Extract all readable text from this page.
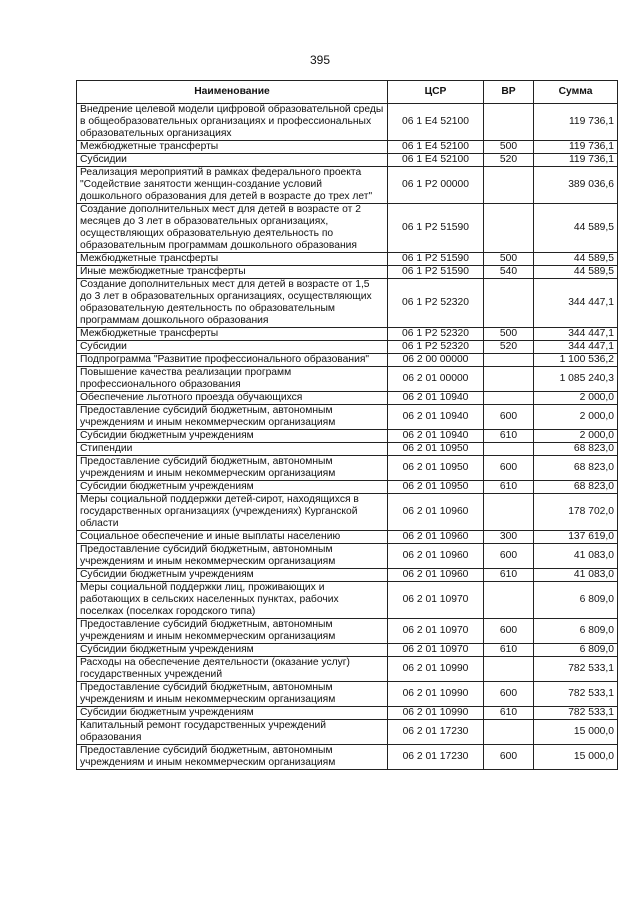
395
Наименование	ЦСР	ВР	Сумма
Внедрение целевой модели цифровой образовательной среды в общеобразовательных организациях и профессиональных образовательных организациях	06 1 E4 52100		119 736,1
Межбюджетные трансферты	06 1 E4 52100	500	119 736,1
Субсидии	06 1 E4 52100	520	119 736,1
Реализация мероприятий в рамках федерального проекта "Содействие занятости женщин-создание условий дошкольного образования для детей в возрасте до трех лет"	06 1 P2 00000		389 036,6
Создание дополнительных мест для детей в возрасте от 2 месяцев до 3 лет в образовательных организациях, осуществляющих образовательную деятельность по образовательным программам дошкольного образования	06 1 P2 51590		44 589,5
Межбюджетные трансферты	06 1 P2 51590	500	44 589,5
Иные межбюджетные трансферты	06 1 P2 51590	540	44 589,5
Создание дополнительных мест для детей в возрасте от 1,5 до 3 лет в образовательных организациях, осуществляющих образовательную деятельность по образовательным программам дошкольного образования	06 1 P2 52320		344 447,1
Межбюджетные трансферты	06 1 P2 52320	500	344 447,1
Субсидии	06 1 P2 52320	520	344 447,1
Подпрограмма "Развитие профессионального образования"	06 2 00 00000		1 100 536,2
Повышение качества реализации программ профессионального образования	06 2 01 00000		1 085 240,3
Обеспечение льготного проезда обучающихся	06 2 01 10940		2 000,0
Предоставление субсидий бюджетным, автономным учреждениям и иным некоммерческим организациям	06 2 01 10940	600	2 000,0
Субсидии бюджетным учреждениям	06 2 01 10940	610	2 000,0
Стипендии	06 2 01 10950		68 823,0
Предоставление субсидий бюджетным, автономным учреждениям и иным некоммерческим организациям	06 2 01 10950	600	68 823,0
Субсидии бюджетным учреждениям	06 2 01 10950	610	68 823,0
Меры социальной поддержки детей-сирот, находящихся в государственных организациях (учреждениях) Курганской области	06 2 01 10960		178 702,0
Социальное обеспечение и иные выплаты населению	06 2 01 10960	300	137 619,0
Предоставление субсидий бюджетным, автономным учреждениям и иным некоммерческим организациям	06 2 01 10960	600	41 083,0
Субсидии бюджетным учреждениям	06 2 01 10960	610	41 083,0
Меры социальной поддержки лиц, проживающих и работающих в сельских населенных пунктах, рабочих поселках (поселках городского типа)	06 2 01 10970		6 809,0
Предоставление субсидий бюджетным, автономным учреждениям и иным некоммерческим организациям	06 2 01 10970	600	6 809,0
Субсидии бюджетным учреждениям	06 2 01 10970	610	6 809,0
Расходы на обеспечение деятельности (оказание услуг) государственных учреждений	06 2 01 10990		782 533,1
Предоставление субсидий бюджетным, автономным учреждениям и иным некоммерческим организациям	06 2 01 10990	600	782 533,1
Субсидии бюджетным учреждениям	06 2 01 10990	610	782 533,1
Капитальный ремонт государственных учреждений образования	06 2 01 17230		15 000,0
Предоставление субсидий бюджетным, автономным учреждениям и иным некоммерческим организациям	06 2 01 17230	600	15 000,0
